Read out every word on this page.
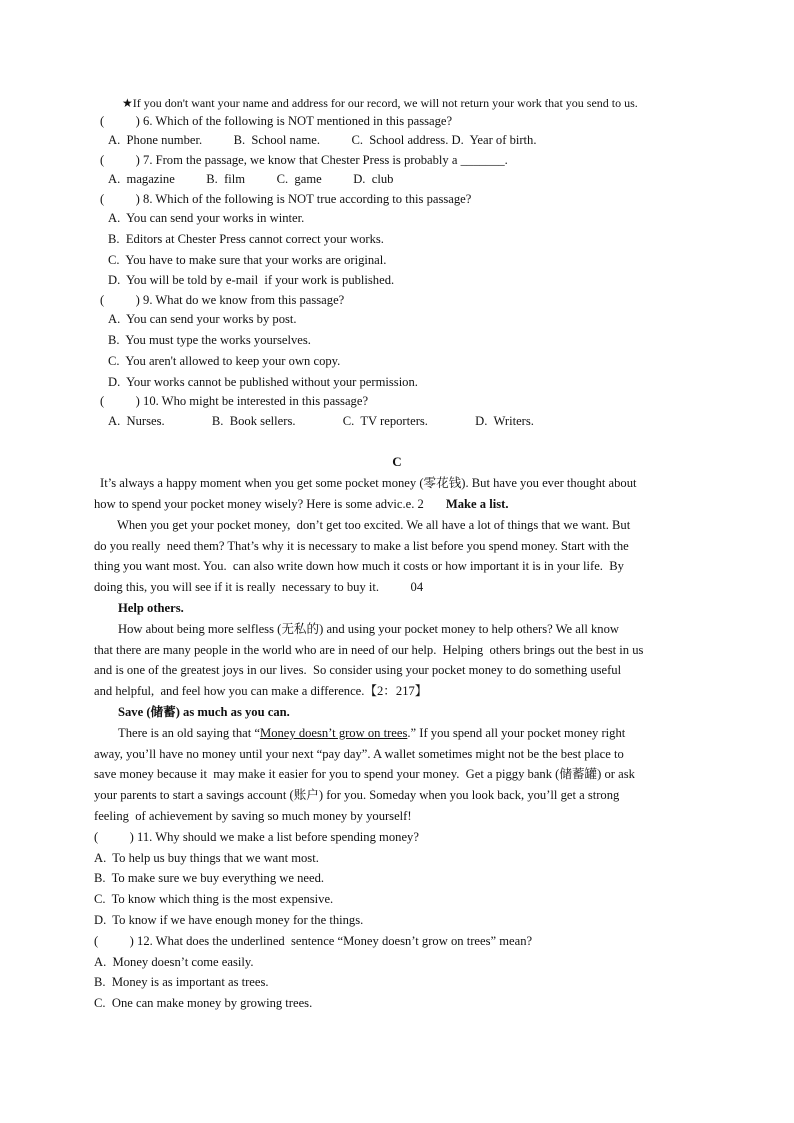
★If you don't want your name and address for our record, we will not return your work that you send to us.
(          ) 6. Which of the following is NOT mentioned in this passage?
A.  Phone number.          B.  School name.          C.  School address. D.  Year of birth.
(          ) 7. From the passage, we know that Chester Press is probably a _______.
A.  magazine          B.  film          C.  game          D.  club
(          ) 8. Which of the following is NOT true according to this passage?
A.  You can send your works in winter.
B.  Editors at Chester Press cannot correct your works.
C.  You have to make sure that your works are original.
D.  You will be told by e-mail  if your work is published.
(          ) 9. What do we know from this passage?
A.  You can send your works by post.
B.  You must type the works yourselves.
C.  You aren't allowed to keep your own copy.
D.  Your works cannot be published without your permission.
(          ) 10. Who might be interested in this passage?
A.  Nurses.               B.  Book sellers.               C.  TV reporters.               D.  Writers.
C
It’s always a happy moment when you get some pocket money (零花钱). But have you ever thought about
how to spend your pocket money wisely? Here is some advic.e. 2       Make a list.
When you get your pocket money,  don’t get too excited. We all have a lot of things that we want. But
do you really  need them? That’s why it is necessary to make a list before you spend money. Start with the
thing you want most. You.  can also write down how much it costs or how important it is in your life.  By
doing this, you will see if it is really  necessary to buy it.          04
Help others.
How about being more selfless (无私的) and using your pocket money to help others? We all know
that there are many people in the world who are in need of our help.  Helping  others brings out the best in us
and is one of the greatest joys in our lives.  So consider using your pocket money to do something useful
and helpful,  and feel how you can make a difference.【2：217】
Save (储蓄) as much as you can.
There is an old saying that “Money doesn’t grow on trees.” If you spend all your pocket money right
away, you’ll have no money until your next “pay day”. A wallet sometimes might not be the best place to
save money because it  may make it easier for you to spend your money.  Get a piggy bank (储蓄罐) or ask
your parents to start a savings account (账户) for you. Someday when you look back, you’ll get a strong
feeling  of achievement by saving so much money by yourself!
(          ) 11. Why should we make a list before spending money?
A.  To help us buy things that we want most.
B.  To make sure we buy everything we need.
C.  To know which thing is the most expensive.
D.  To know if we have enough money for the things.
(          ) 12. What does the underlined  sentence “Money doesn’t grow on trees” mean?
A.  Money doesn’t come easily.
B.  Money is as important as trees.
C.  One can make money by growing trees.
